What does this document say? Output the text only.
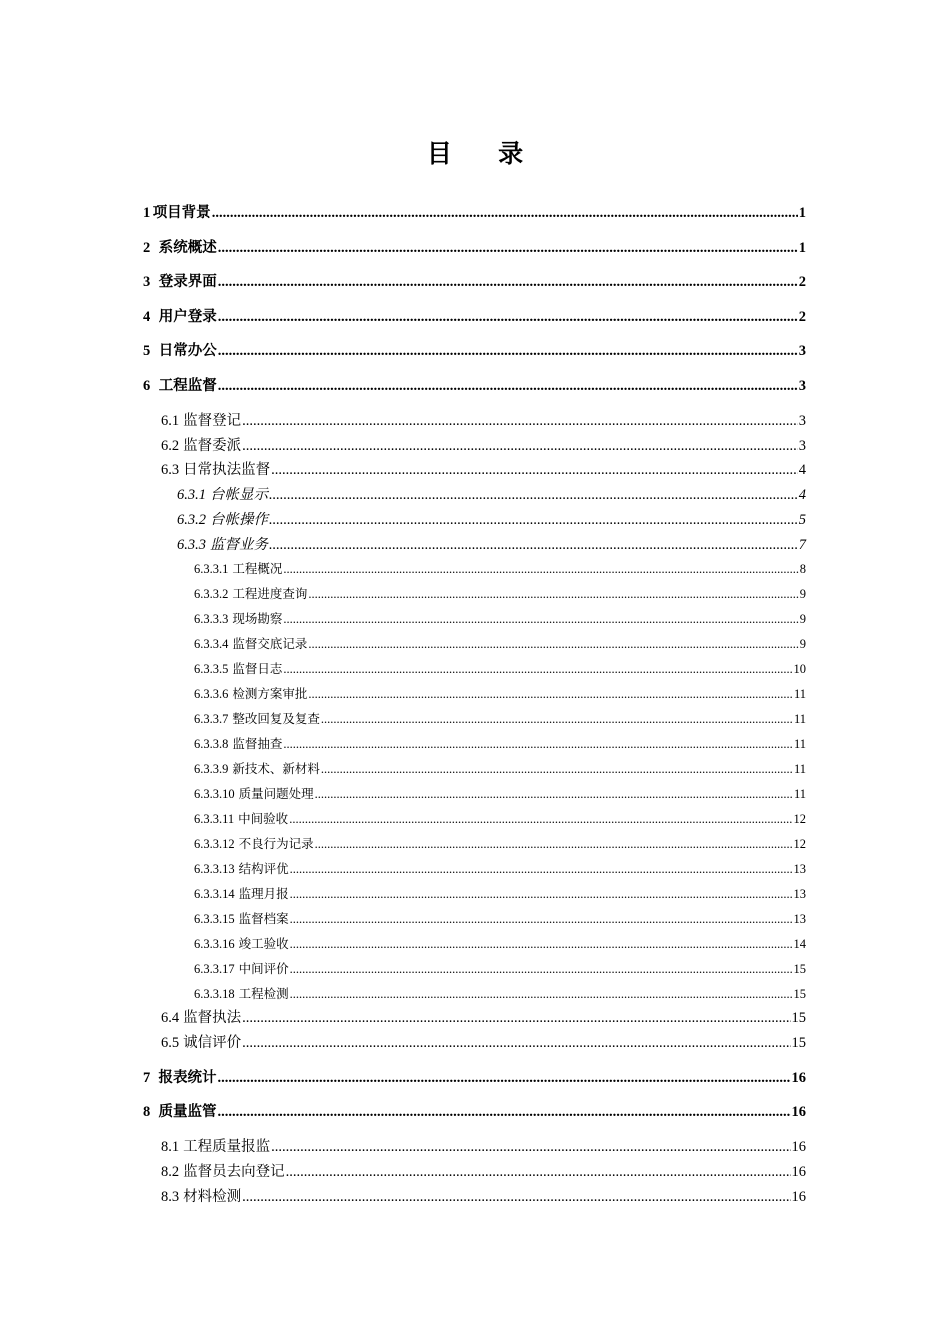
目 录
1 项目背景 .....	1
2 系统概述 .....	1
3 登录界面 .....	2
4 用户登录 .....	2
5 日常办公 .....	3
6 工程监督 .....	3
6.1 监督登记 .....	3
6.2 监督委派 .....	3
6.3 日常执法监督 .....	4
6.3.1 台帐显示 .....	4
6.3.2 台帐操作 .....	5
6.3.3 监督业务 .....	7
6.3.3.1 工程概况 .....	8
6.3.3.2 工程进度查询 .....	9
6.3.3.3 现场勘察 .....	9
6.3.3.4 监督交底记录 .....	9
6.3.3.5 监督日志 .....	10
6.3.3.6 检测方案审批 .....	11
6.3.3.7 整改回复及复查 .....	11
6.3.3.8 监督抽查 .....	11
6.3.3.9 新技术、新材料 .....	11
6.3.3.10 质量问题处理 .....	11
6.3.3.11 中间验收 .....	12
6.3.3.12 不良行为记录 .....	12
6.3.3.13 结构评优 .....	13
6.3.3.14 监理月报 .....	13
6.3.3.15 监督档案 .....	13
6.3.3.16 竣工验收 .....	14
6.3.3.17 中间评价 .....	15
6.3.3.18 工程检测 .....	15
6.4 监督执法 .....	15
6.5 诚信评价 .....	15
7 报表统计 .....	16
8 质量监管 .....	16
8.1 工程质量报监 .....	16
8.2 监督员去向登记 .....	16
8.3 材料检测 .....	16
